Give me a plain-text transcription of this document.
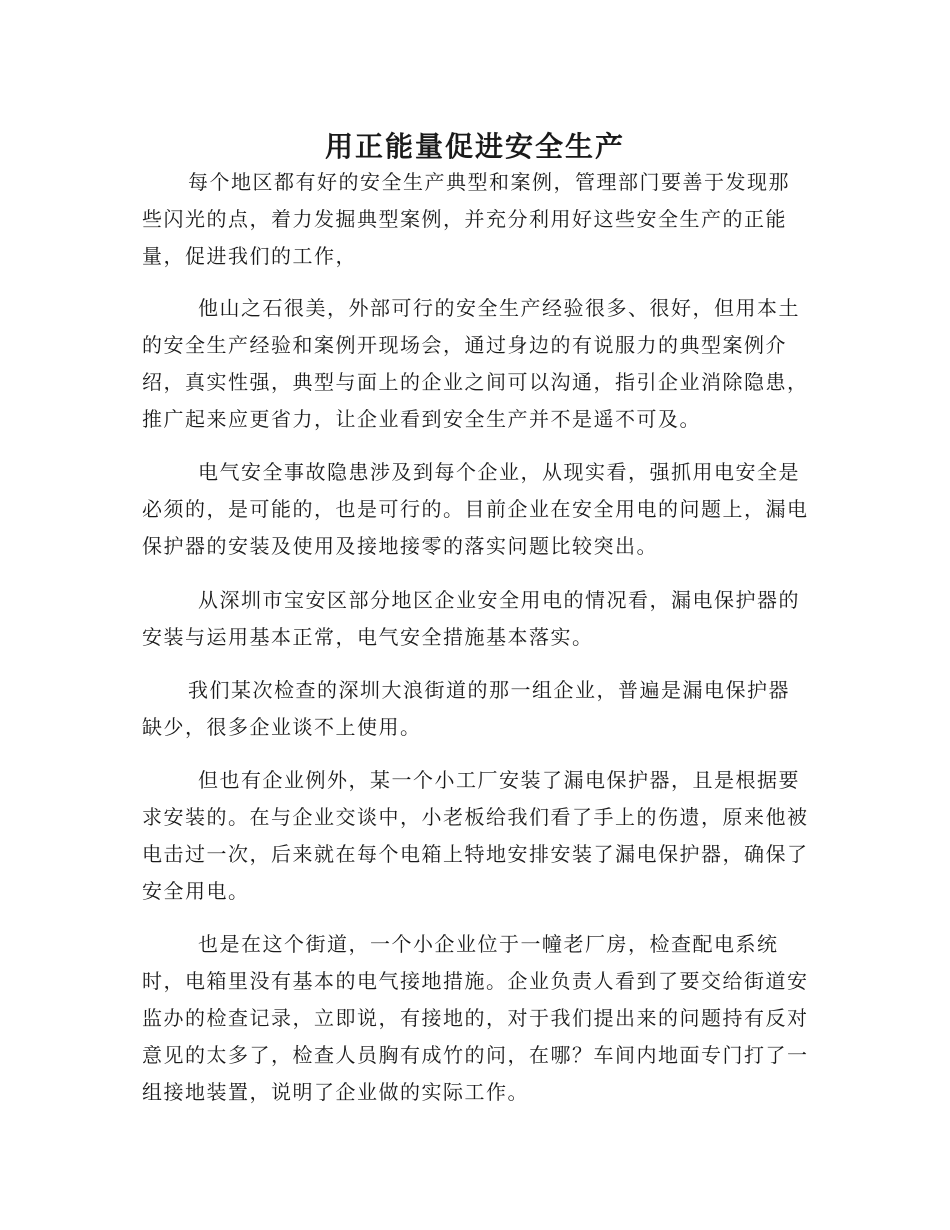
用正能量促进安全生产

每个地区都有好的安全生产典型和案例，管理部门要善于发现那些闪光的点，着力发掘典型案例，并充分利用好这些安全生产的正能量，促进我们的工作，

他山之石很美，外部可行的安全生产经验很多、很好，但用本土的安全生产经验和案例开现场会，通过身边的有说服力的典型案例介绍，真实性强，典型与面上的企业之间可以沟通，指引企业消除隐患，推广起来应更省力，让企业看到安全生产并不是遥不可及。

电气安全事故隐患涉及到每个企业，从现实看，强抓用电安全是必须的，是可能的，也是可行的。目前企业在安全用电的问题上，漏电保护器的安装及使用及接地接零的落实问题比较突出。

从深圳市宝安区部分地区企业安全用电的情况看，漏电保护器的安装与运用基本正常，电气安全措施基本落实。

我们某次检查的深圳大浪街道的那一组企业，普遍是漏电保护器缺少，很多企业谈不上使用。

但也有企业例外，某一个小工厂安装了漏电保护器，且是根据要求安装的。在与企业交谈中，小老板给我们看了手上的伤遗，原来他被电击过一次，后来就在每个电箱上特地安排安装了漏电保护器，确保了安全用电。

也是在这个街道，一个小企业位于一幢老厂房，检查配电系统时，电箱里没有基本的电气接地措施。企业负责人看到了要交给街道安监办的检查记录，立即说，有接地的，对于我们提出来的问题持有反对意见的太多了，检查人员胸有成竹的问，在哪？车间内地面专门打了一组接地装置，说明了企业做的实际工作。
